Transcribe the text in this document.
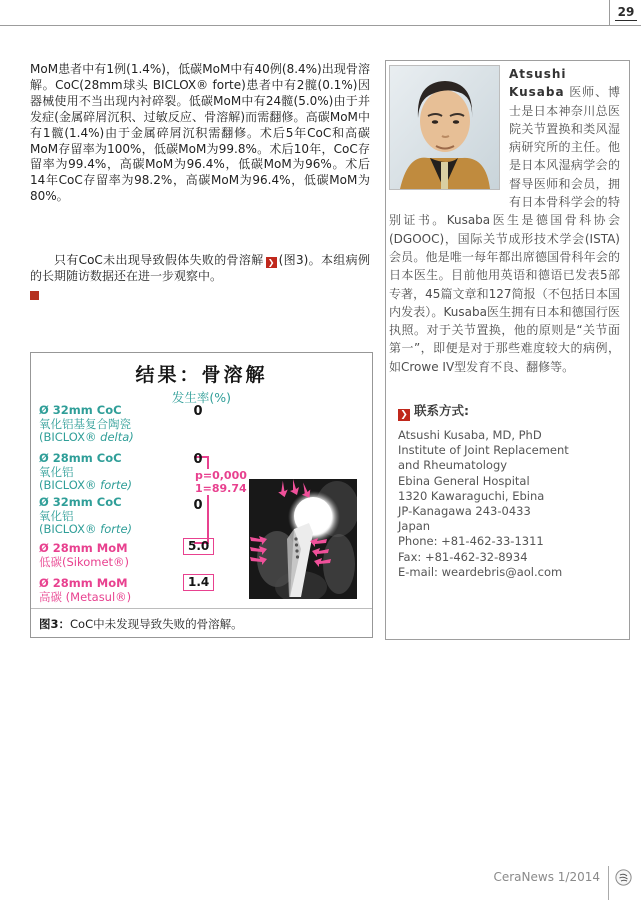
29
MoM患者中有1例(1.4%)，低碳MoM中有40例(8.4%)出现骨溶解。CoC(28mm球头 BICLOX® forte)患者中有2髋(0.1%)因器械使用不当出现内衬碎裂。低碳MoM中有24髋(5.0%)由于并发症(金属碎屑沉积、过敏反应、骨溶解)而需翻修。高碳MoM中有1髋(1.4%)由于金属碎屑沉积需翻修。术后5年CoC和高碳MoM存留率为100%，低碳MoM为99.8%。术后10年，CoC存留率为99.4%，高碳MoM为96.4%，低碳MoM为96%。术后14年CoC存留率为98.2%，高碳MoM为96.4%，低碳MoM为80%。
只有CoC未出现导致假体失败的骨溶解 ❯ (图3)。本组病例的长期随访数据还在进一步观察中。
结果：骨溶解
发生率(%)
Ø 32mm CoC
氧化铝基复合陶瓷
(BICLOX® delta)
0
Ø 28mm CoC
氧化铝
(BICLOX® forte)
0
Ø 32mm CoC
氧化铝
(BICLOX® forte)
0
Ø 28mm MoM
低碳(Sikomet®)
5.0
Ø 28mm MoM
高碳 (Metasul®)
1.4
p=0,000
1=89.74
图3：CoC中未发现导致失败的骨溶解。
Atsushi Kusaba 医师、博士是日本神奈川总医院关节置换和类风湿病研究所的主任。他是日本风湿病学会的督导医师和会员，拥有日本骨科学会的特别证书。Kusaba医生是德国骨科协会(DGOOC)，国际关节成形技术学会(ISTA)会员。他是唯一每年都出席德国骨科年会的日本医生。目前他用英语和德语已发表5部专著，45篇文章和127简报（不包括日本国内发表）。Kusaba医生拥有日本和德国行医执照。对于关节置换，他的原则是“关节面第一”，即便是对于那些难度较大的病例，如Crowe IV型发育不良、翻修等。
❯ 联系方式:
Atsushi Kusaba, MD, PhD
Institute of Joint Replacement
and Rheumatology
Ebina General Hospital
1320 Kawaraguchi, Ebina
JP-Kanagawa 243-0433
Japan
Phone: +81-462-33-1311
Fax: +81-462-32-8934
E-mail: weardebris@aol.com
CeraNews 1/2014
